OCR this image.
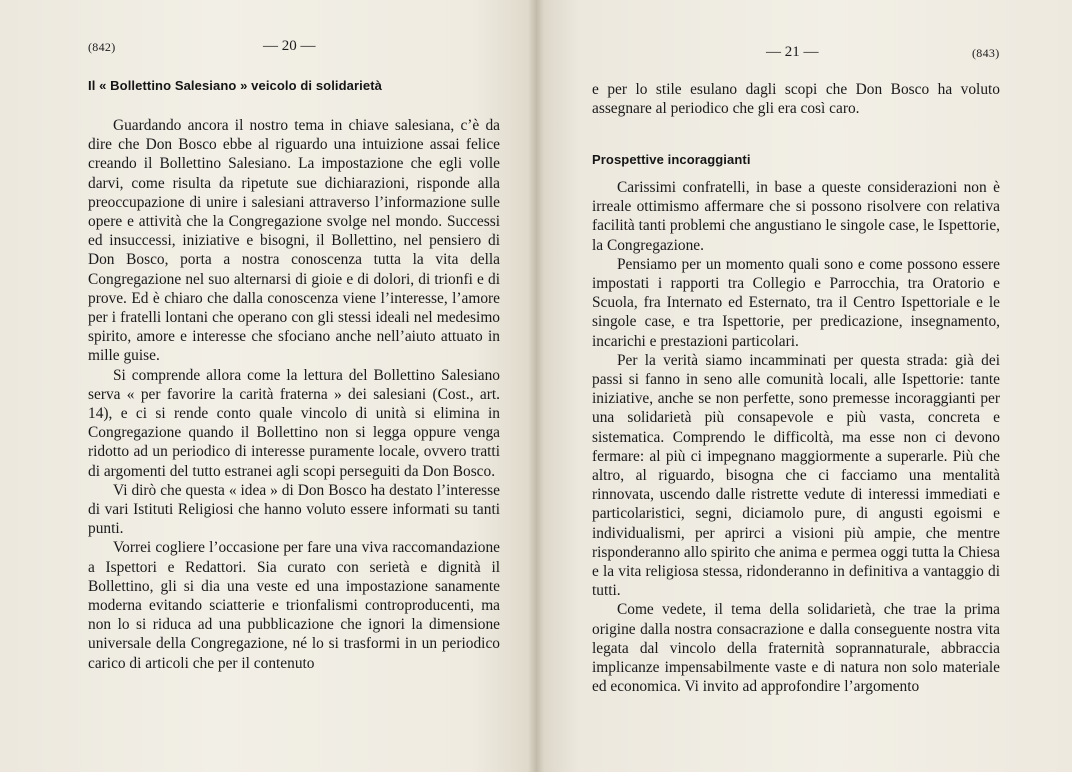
(842)	— 20 —
Il « Bollettino Salesiano » veicolo di solidarietà

Guardando ancora il nostro tema in chiave salesiana, c’è da dire che Don Bosco ebbe al riguardo una intuizione assai felice creando il Bollettino Salesiano. La impostazione che egli volle darvi, come risulta da ripetute sue dichiarazioni, risponde alla preoccupazione di unire i salesiani attraverso l’informazione sulle opere e attività che la Congregazione svolge nel mondo. Successi ed insuccessi, iniziative e bisogni, il Bollettino, nel pensiero di Don Bosco, porta a nostra conoscenza tutta la vita della Congregazione nel suo alternarsi di gioie e di dolori, di trionfi e di prove. Ed è chiaro che dalla conoscenza viene l’interesse, l’amore per i fratelli lontani che operano con gli stessi ideali nel medesimo spirito, amore e interesse che sfociano anche nell’aiuto attuato in mille guise.

Si comprende allora come la lettura del Bollettino Salesiano serva « per favorire la carità fraterna » dei salesiani (Cost., art. 14), e ci si rende conto quale vincolo di unità si elimina in Congregazione quando il Bollettino non si legga oppure venga ridotto ad un periodico di interesse puramente locale, ovvero tratti di argomenti del tutto estranei agli scopi perseguiti da Don Bosco.

Vi dirò che questa « idea » di Don Bosco ha destato l’interesse di vari Istituti Religiosi che hanno voluto essere informati su tanti punti.

Vorrei cogliere l’occasione per fare una viva raccomandazione a Ispettori e Redattori. Sia curato con serietà e dignità il Bollettino, gli si dia una veste ed una impostazione sanamente moderna evitando sciatterie e trionfalismi controproducenti, ma non lo si riduca ad una pubblicazione che ignori la dimensione universale della Congregazione, né lo si trasformi in un periodico carico di articoli che per il contenuto

— 21 —	(843)

e per lo stile esulano dagli scopi che Don Bosco ha voluto assegnare al periodico che gli era così caro.

Prospettive incoraggianti

Carissimi confratelli, in base a queste considerazioni non è irreale ottimismo affermare che si possono risolvere con relativa facilità tanti problemi che angustiano le singole case, le Ispettorie, la Congregazione.

Pensiamo per un momento quali sono e come possono essere impostati i rapporti tra Collegio e Parrocchia, tra Oratorio e Scuola, fra Internato ed Esternato, tra il Centro Ispettoriale e le singole case, e tra Ispettorie, per predicazione, insegnamento, incarichi e prestazioni particolari.

Per la verità siamo incamminati per questa strada: già dei passi si fanno in seno alle comunità locali, alle Ispettorie: tante iniziative, anche se non perfette, sono premesse incoraggianti per una solidarietà più consapevole e più vasta, concreta e sistematica. Comprendo le difficoltà, ma esse non ci devono fermare: al più ci impegnano maggiormente a superarle. Più che altro, al riguardo, bisogna che ci facciamo una mentalità rinnovata, uscendo dalle ristrette vedute di interessi immediati e particolaristici, segni, diciamolo pure, di angusti egoismi e individualismi, per aprirci a visioni più ampie, che mentre risponderanno allo spirito che anima e permea oggi tutta la Chiesa e la vita religiosa stessa, ridonderanno in definitiva a vantaggio di tutti.

Come vedete, il tema della solidarietà, che trae la prima origine dalla nostra consacrazione e dalla conseguente nostra vita legata dal vincolo della fraternità soprannaturale, abbraccia implicanze impensabilmente vaste e di natura non solo materiale ed economica. Vi invito ad approfondire l’argomento
